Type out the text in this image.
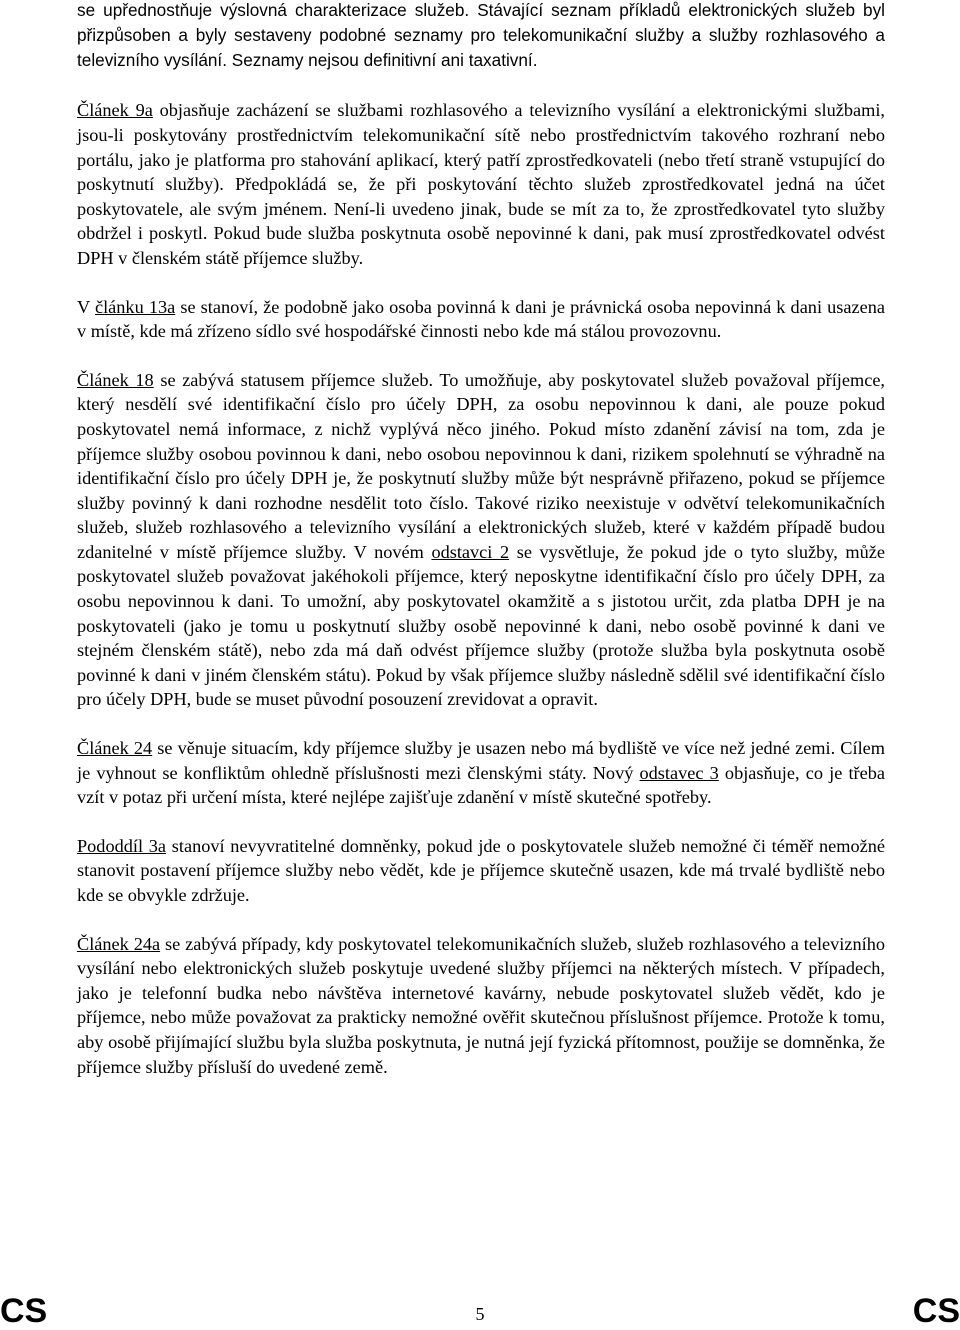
se upřednostňuje výslovná charakterizace služeb. Stávající seznam příkladů elektronických služeb byl přizpůsoben a byly sestaveny podobné seznamy pro telekomunikační služby a služby rozhlasového a televizního vysílání. Seznamy nejsou definitivní ani taxativní.

Článek 9a objasňuje zacházení se službami rozhlasového a televizního vysílání a elektronickými službami, jsou-li poskytovány prostřednictvím telekomunikační sítě nebo prostřednictvím takového rozhraní nebo portálu, jako je platforma pro stahování aplikací, který patří zprostředkovateli (nebo třetí straně vstupující do poskytnutí služby). Předpokládá se, že při poskytování těchto služeb zprostředkovatel jedná na účet poskytovatele, ale svým jménem. Není-li uvedeno jinak, bude se mít za to, že zprostředkovatel tyto služby obdržel i poskytl. Pokud bude služba poskytnuta osobě nepovinné k dani, pak musí zprostředkovatel odvést DPH v členském státě příjemce služby.

V článku 13a se stanoví, že podobně jako osoba povinná k dani je právnická osoba nepovinná k dani usazena v místě, kde má zřízeno sídlo své hospodářské činnosti nebo kde má stálou provozovnu.

Článek 18 se zabývá statusem příjemce služeb. To umožňuje, aby poskytovatel služeb považoval příjemce, který nesdělí své identifikační číslo pro účely DPH, za osobu nepovinnou k dani, ale pouze pokud poskytovatel nemá informace, z nichž vyplývá něco jiného. Pokud místo zdanění závisí na tom, zda je příjemce služby osobou povinnou k dani, nebo osobou nepovinnou k dani, rizikem spolehnutí se výhradně na identifikační číslo pro účely DPH je, že poskytnutí služby může být nesprávně přiřazeno, pokud se příjemce služby povinný k dani rozhodne nesdělit toto číslo. Takové riziko neexistuje v odvětví telekomunikačních služeb, služeb rozhlasového a televizního vysílání a elektronických služeb, které v každém případě budou zdanitelné v místě příjemce služby. V novém odstavci 2 se vysvětluje, že pokud jde o tyto služby, může poskytovatel služeb považovat jakéhokoli příjemce, který neposkytne identifikační číslo pro účely DPH, za osobu nepovinnou k dani. To umožní, aby poskytovatel okamžitě a s jistotou určit, zda platba DPH je na poskytovateli (jako je tomu u poskytnutí služby osobě nepovinné k dani, nebo osobě povinné k dani ve stejném členském státě), nebo zda má daň odvést příjemce služby (protože služba byla poskytnuta osobě povinné k dani v jiném členském státu). Pokud by však příjemce služby následně sdělil své identifikační číslo pro účely DPH, bude se muset původní posouzení zrevidovat a opravit.

Článek 24 se věnuje situacím, kdy příjemce služby je usazen nebo má bydliště ve více než jedné zemi. Cílem je vyhnout se konfliktům ohledně příslušnosti mezi členskými státy. Nový odstavec 3 objasňuje, co je třeba vzít v potaz při určení místa, které nejlépe zajišťuje zdanění v místě skutečné spotřeby.

Pododdíl 3a stanoví nevyvratitelné domněnky, pokud jde o poskytovatele služeb nemožné či téměř nemožné stanovit postavení příjemce služby nebo vědět, kde je příjemce skutečně usazen, kde má trvalé bydliště nebo kde se obvykle zdržuje.

Článek 24a se zabývá případy, kdy poskytovatel telekomunikačních služeb, služeb rozhlasového a televizního vysílání nebo elektronických služeb poskytuje uvedené služby příjemci na některých místech. V případech, jako je telefonní budka nebo návštěva internetové kavárny, nebude poskytovatel služeb vědět, kdo je příjemce, nebo může považovat za prakticky nemožné ověřit skutečnou příslušnost příjemce. Protože k tomu, aby osobě přijímající službu byla služba poskytnuta, je nutná její fyzická přítomnost, použije se domněnka, že příjemce služby přísluší do uvedené země.

CS	5	CS
